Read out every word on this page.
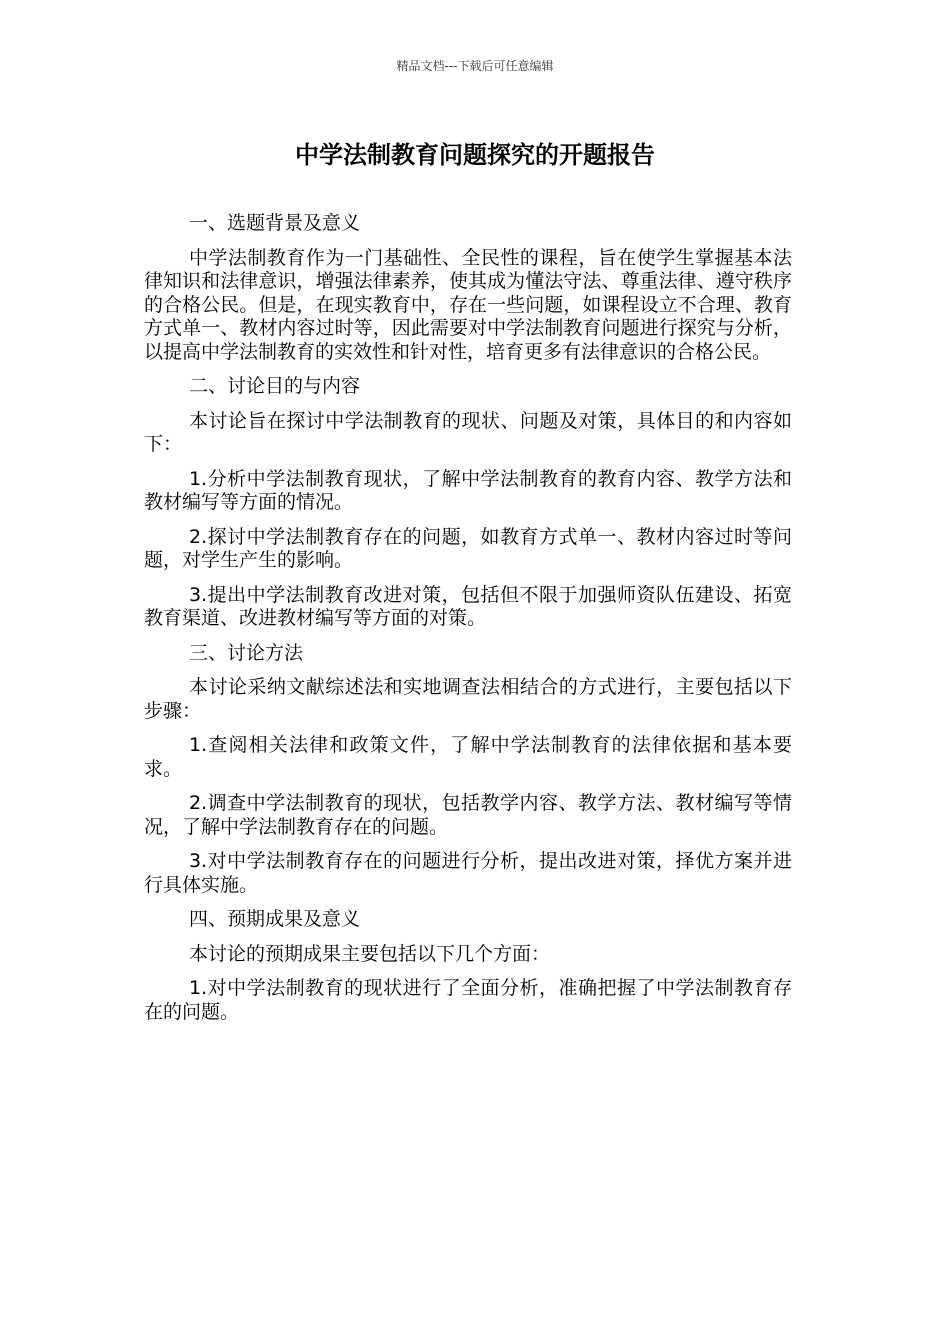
精品文档---下载后可任意编辑
中学法制教育问题探究的开题报告

一、选题背景及意义

中学法制教育作为一门基础性、全民性的课程，旨在使学生掌握基本法律知识和法律意识，增强法律素养，使其成为懂法守法、尊重法律、遵守秩序的合格公民。但是，在现实教育中，存在一些问题，如课程设立不合理、教育方式单一、教材内容过时等，因此需要对中学法制教育问题进行探究与分析，以提高中学法制教育的实效性和针对性，培育更多有法律意识的合格公民。

二、讨论目的与内容

本讨论旨在探讨中学法制教育的现状、问题及对策，具体目的和内容如下：

1.分析中学法制教育现状，了解中学法制教育的教育内容、教学方法和教材编写等方面的情况。

2.探讨中学法制教育存在的问题，如教育方式单一、教材内容过时等问题，对学生产生的影响。

3.提出中学法制教育改进对策，包括但不限于加强师资队伍建设、拓宽教育渠道、改进教材编写等方面的对策。

三、讨论方法

本讨论采纳文献综述法和实地调查法相结合的方式进行，主要包括以下步骤：

1.查阅相关法律和政策文件，了解中学法制教育的法律依据和基本要求。

2.调查中学法制教育的现状，包括教学内容、教学方法、教材编写等情况，了解中学法制教育存在的问题。

3.对中学法制教育存在的问题进行分析，提出改进对策，择优方案并进行具体实施。

四、预期成果及意义

本讨论的预期成果主要包括以下几个方面：

1.对中学法制教育的现状进行了全面分析，准确把握了中学法制教育存在的问题。
